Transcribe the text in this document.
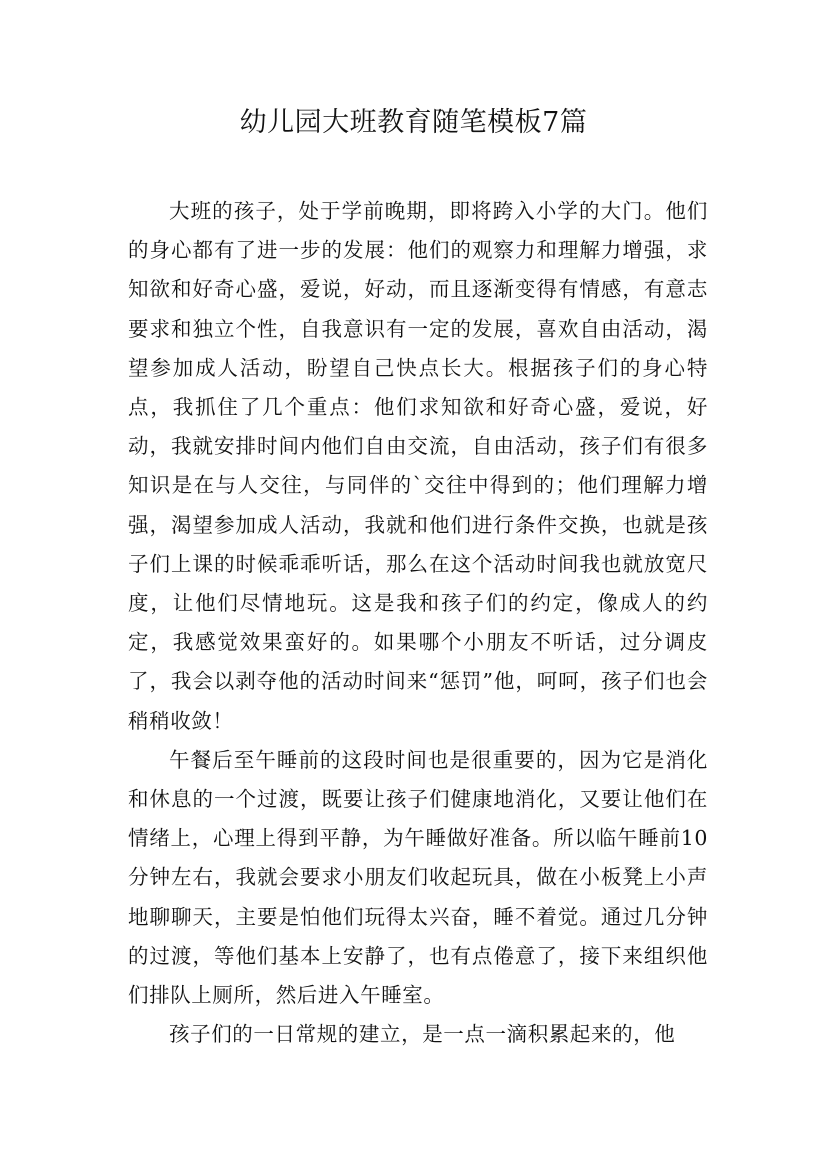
幼儿园大班教育随笔模板7篇

大班的孩子，处于学前晚期，即将跨入小学的大门。他们的身心都有了进一步的发展：他们的观察力和理解力增强，求知欲和好奇心盛，爱说，好动，而且逐渐变得有情感，有意志要求和独立个性，自我意识有一定的发展，喜欢自由活动，渴望参加成人活动，盼望自己快点长大。根据孩子们的身心特点，我抓住了几个重点：他们求知欲和好奇心盛，爱说，好动，我就安排时间内他们自由交流，自由活动，孩子们有很多知识是在与人交往，与同伴的`交往中得到的；他们理解力增强，渴望参加成人活动，我就和他们进行条件交换，也就是孩子们上课的时候乖乖听话，那么在这个活动时间我也就放宽尺度，让他们尽情地玩。这是我和孩子们的约定，像成人的约定，我感觉效果蛮好的。如果哪个小朋友不听话，过分调皮了，我会以剥夺他的活动时间来“惩罚”他，呵呵，孩子们也会稍稍收敛！

午餐后至午睡前的这段时间也是很重要的，因为它是消化和休息的一个过渡，既要让孩子们健康地消化，又要让他们在情绪上，心理上得到平静，为午睡做好准备。所以临午睡前10分钟左右，我就会要求小朋友们收起玩具，做在小板凳上小声地聊聊天，主要是怕他们玩得太兴奋，睡不着觉。通过几分钟的过渡，等他们基本上安静了，也有点倦意了，接下来组织他们排队上厕所，然后进入午睡室。

孩子们的一日常规的建立，是一点一滴积累起来的，他
